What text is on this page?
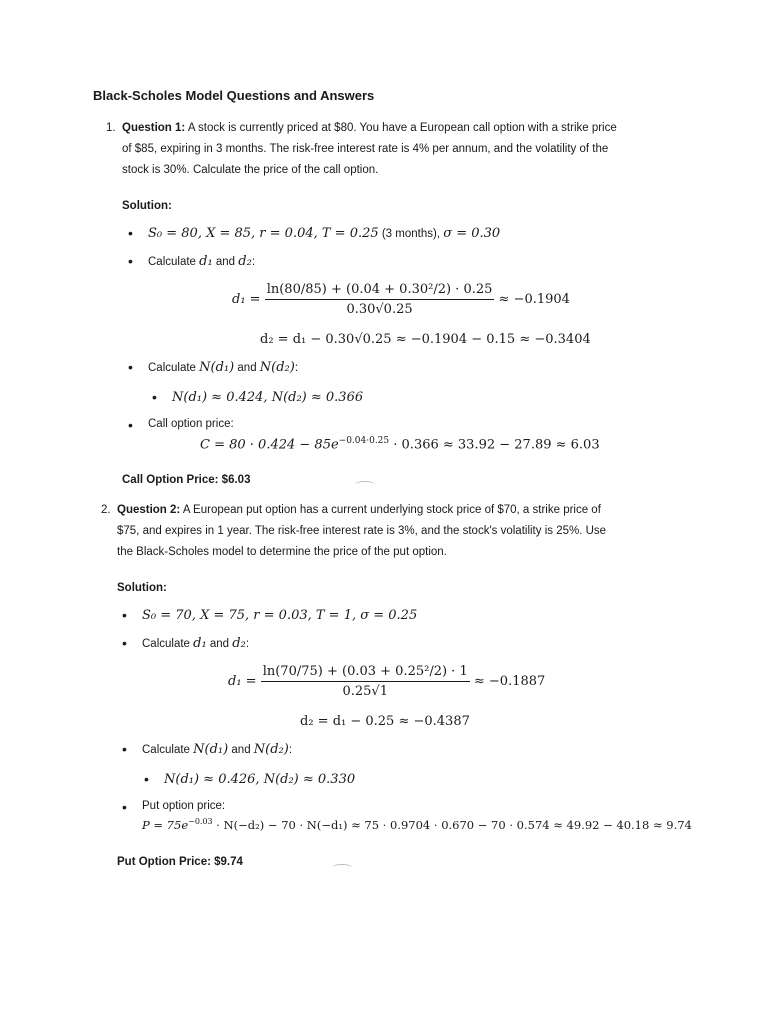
Black-Scholes Model Questions and Answers
1. Question 1: A stock is currently priced at $80. You have a European call option with a strike price
of $85, expiring in 3 months. The risk-free interest rate is 4% per annum, and the volatility of the
stock is 30%. Calculate the price of the call option.
Solution:
• S₀ = 80, X = 85, r = 0.04, T = 0.25 (3 months), σ = 0.30
• Calculate d₁ and d₂:
$d_1 = \frac{\text{ln(80/85) + (0.04 + 0.30²/2) · 0.25}}{0.30√0.25} \approx -0.1904$
d₂ = d₁ − 0.30√0.25 ≈ −0.1904 − 0.15 ≈ −0.3404
• Calculate N(d₁) and N(d₂):
• N(d₁) ≈ 0.424, N(d₂) ≈ 0.366
• Call option price:
$C = 80 \cdot 0.424 - 85e^{-0.04\cdot 0.25} \cdot 0.366 \approx 33.92 - 27.89 \approx 6.03$
Call Option Price: $6.03
2. Question 2: A European put option has a current underlying stock price of $70, a strike price of
$75, and expires in 1 year. The risk-free interest rate is 3%, and the stock's volatility is 25%. Use
the Black-Scholes model to determine the price of the put option.
Solution:
• S₀ = 70, X = 75, r = 0.03, T = 1, σ = 0.25
• Calculate d₁ and d₂:
$d_1 = \frac{\text{ln(70/75) + (0.03 + 0.25²/2) · 1}}{0.25√1} \approx -0.1887$
d₂ = d₁ − 0.25 ≈ −0.4387
• Calculate N(d₁) and N(d₂):
• N(d₁) ≈ 0.426, N(d₂) ≈ 0.330
• Put option price:
$P = 75e^{-0.03} \cdot N(-d_2) - 70 \cdot N(-d_1) \approx 75 \cdot 0.9704 \cdot 0.670 - 70 \cdot 0.574 \approx 49.92 - 40.18 \approx 9.74$
Put Option Price: $9.74
